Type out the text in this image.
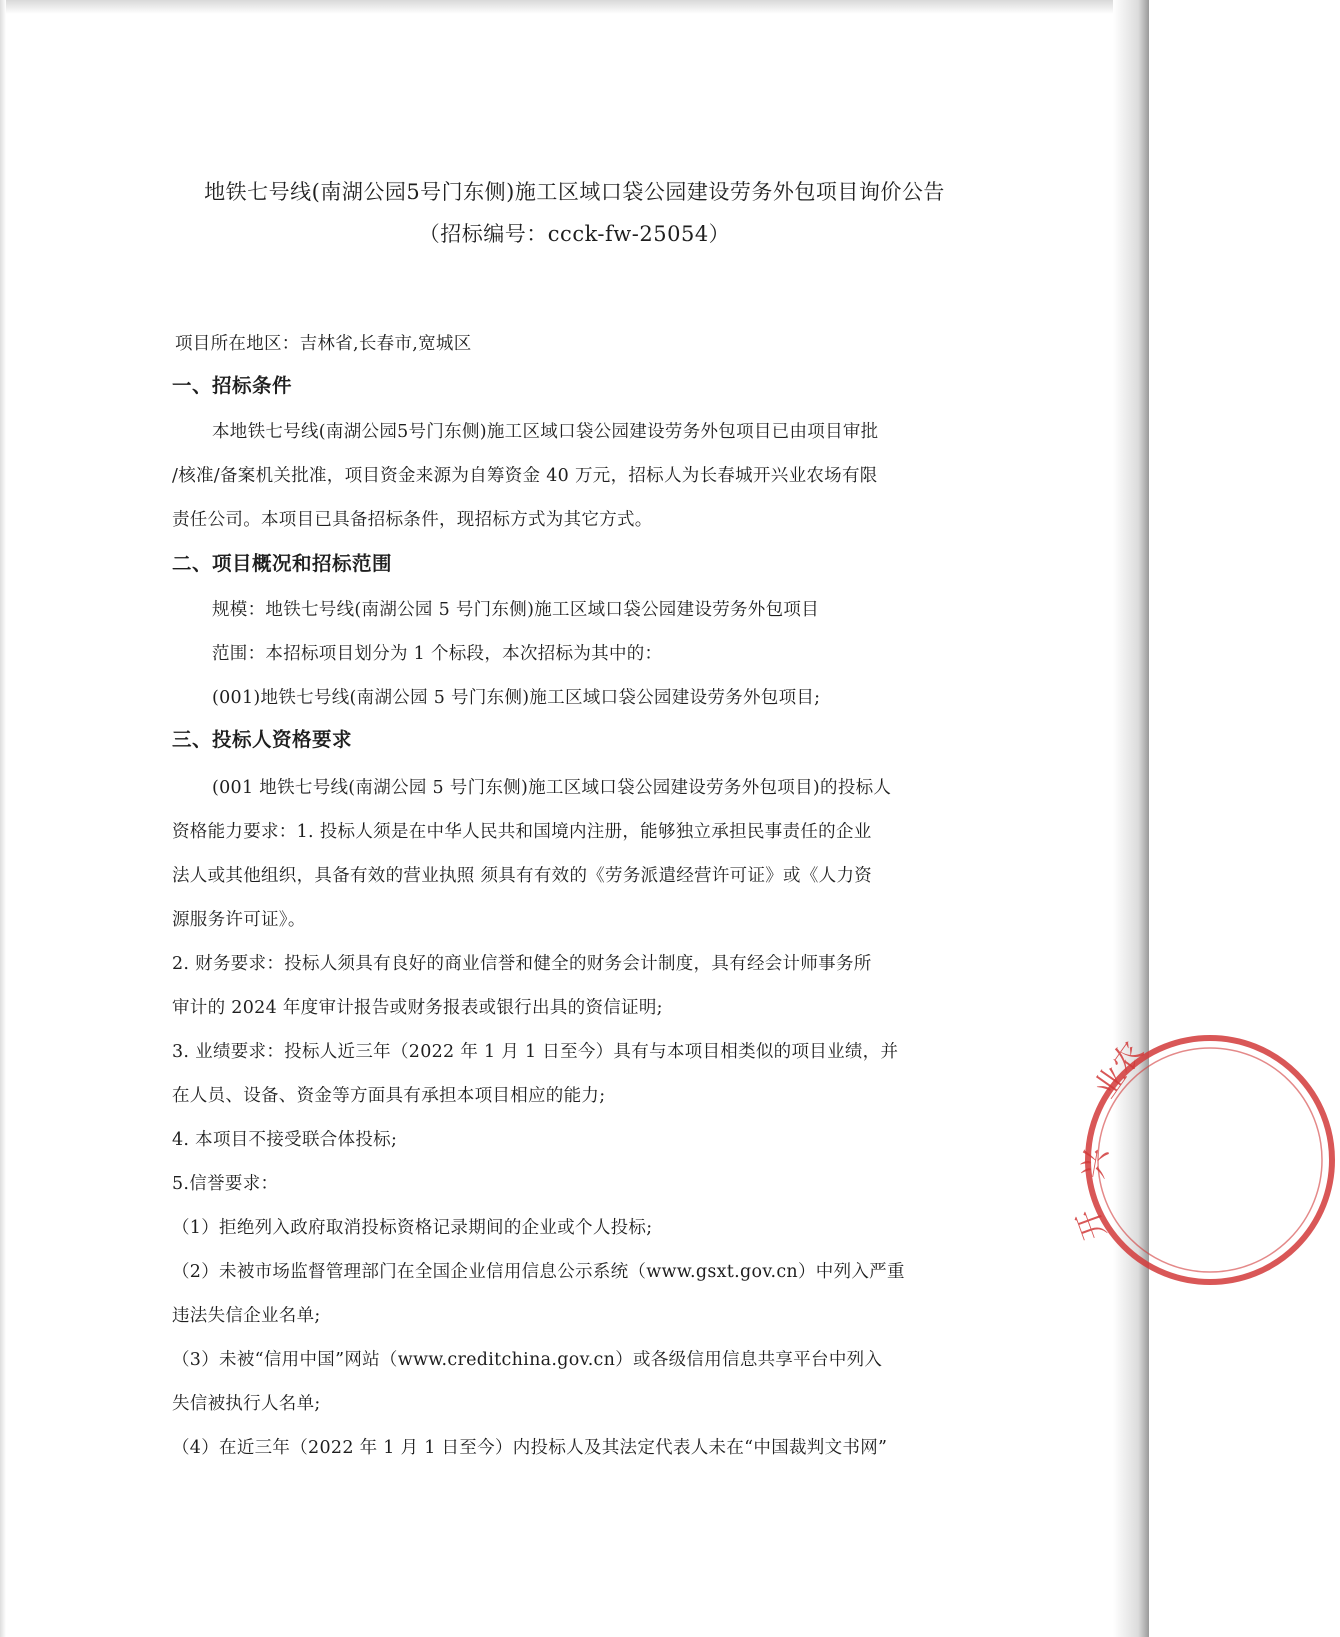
地铁七号线(南湖公园5号门东侧)施工区域口袋公园建设劳务外包项目询价公告
（招标编号：ccck-fw-25054）
项目所在地区：吉林省,长春市,宽城区
一、招标条件
本地铁七号线(南湖公园5号门东侧)施工区域口袋公园建设劳务外包项目已由项目审批
/核准/备案机关批准，项目资金来源为自筹资金 40 万元，招标人为长春城开兴业农场有限
责任公司。本项目已具备招标条件，现招标方式为其它方式。
二、项目概况和招标范围
规模：地铁七号线(南湖公园 5 号门东侧)施工区域口袋公园建设劳务外包项目
范围：本招标项目划分为 1 个标段，本次招标为其中的：
(001)地铁七号线(南湖公园 5 号门东侧)施工区域口袋公园建设劳务外包项目;
三、投标人资格要求
(001 地铁七号线(南湖公园 5 号门东侧)施工区域口袋公园建设劳务外包项目)的投标人
资格能力要求：1. 投标人须是在中华人民共和国境内注册，能够独立承担民事责任的企业
法人或其他组织，具备有效的营业执照 须具有有效的《劳务派遣经营许可证》或《人力资
源服务许可证》。
2. 财务要求：投标人须具有良好的商业信誉和健全的财务会计制度，具有经会计师事务所
审计的 2024 年度审计报告或财务报表或银行出具的资信证明;
3. 业绩要求：投标人近三年（2022 年 1 月 1 日至今）具有与本项目相类似的项目业绩，并
在人员、设备、资金等方面具有承担本项目相应的能力;
4. 本项目不接受联合体投标;
5.信誉要求：
（1）拒绝列入政府取消投标资格记录期间的企业或个人投标;
（2）未被市场监督管理部门在全国企业信用信息公示系统（www.gsxt.gov.cn）中列入严重
违法失信企业名单;
（3）未被“信用中国”网站（www.creditchina.gov.cn）或各级信用信息共享平台中列入
失信被执行人名单;
（4）在近三年（2022 年 1 月 1 日至今）内投标人及其法定代表人未在“中国裁判文书网”
业农
兴
开
